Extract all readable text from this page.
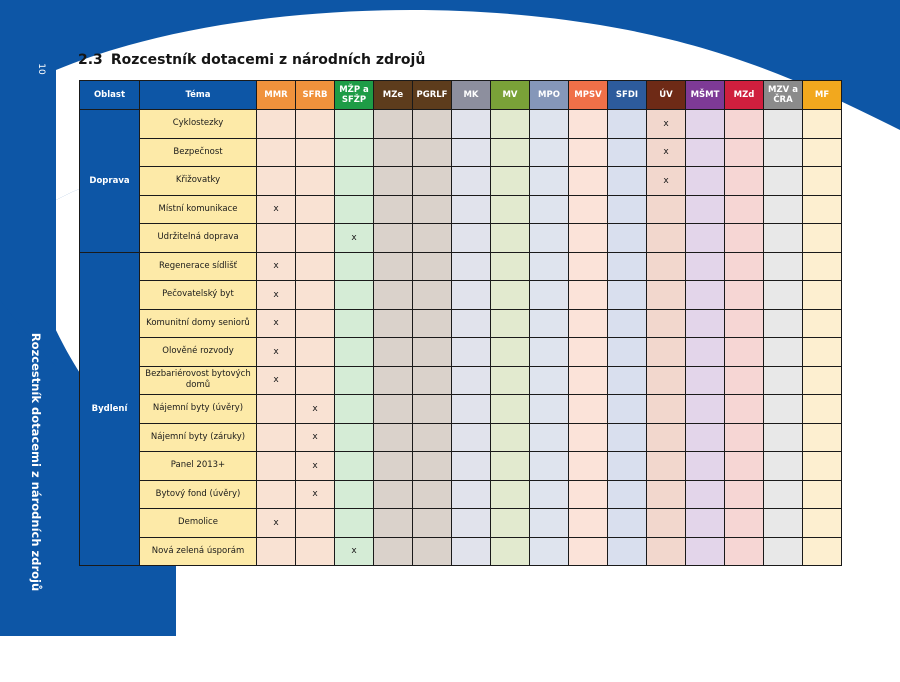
10
Rozcestník dotacemi z národních zdrojů
2.3 Rozcestník dotacemi z národních zdrojů
Oblast	Téma	MMR	SFRB	MŽP a SFŽP	MZe	PGRLF	MK	MV	MPO	MPSV	SFDI	ÚV	MŠMT	MZd	MZV a ČRA	MF
Doprava	Cyklostezky											x				
	Bezpečnost											x				
	Křižovatky											x				
	Místní komunikace	x														
	Udržitelná doprava			x												
Bydlení	Regenerace sídlišť	x														
	Pečovatelský byt	x														
	Komunitní domy seniorů	x														
	Olověné rozvody	x														
	Bezbariérovost bytových domů	x														
	Nájemní byty (úvěry)		x													
	Nájemní byty (záruky)		x													
	Panel 2013+		x													
	Bytový fond (úvěry)		x													
	Demolice	x														
	Nová zelená úsporám			x												
